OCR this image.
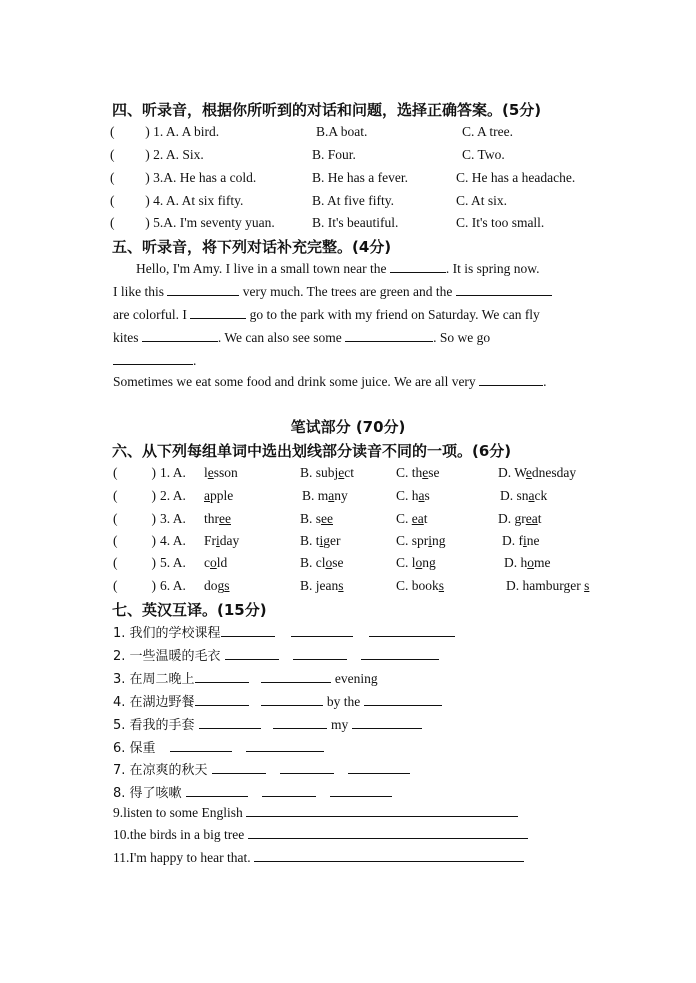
四、听录音，根据你所听到的对话和问题，选择正确答案。(5分)
( ) 1. A. A bird.	B.A boat.	C. A tree.
( ) 2. A. Six.	B. Four.	C. Two.
( ) 3.A. He has a cold.	B. He has a fever.	C. He has a headache.
( ) 4. A. At six fifty.	B. At five fifty.	C. At six.
( ) 5.A. I'm seventy yuan.	B. It's beautiful.	C. It's too small.
五、听录音，将下列对话补充完整。(4分)
Hello, I'm Amy. I live in a small town near the	. It is spring now.
I like this	very much. The trees are green and the
are colorful. I	go to the park with my friend on Saturday. We can fly
kites	. We can also see some	. So we go
.
Sometimes we eat some food and drink some juice. We are all very	.
笔试部分 (70分)
六、从下列每组单词中选出划线部分读音不同的一项。(6分)
(	) 1. A. lesson	B. subject	C. these	D. Wednesday
(	) 2. A. apple	B. many	C. has	D. snack
(	) 3. A. three	B. see	C. eat	D. great
(	) 4. A. Friday	B. tiger	C. spring	D. fine
(	) 5. A. cold	B. close	C. long	D. home
(	) 6. A. dogs	B. jeans	C. books	D. hamburger s
七、英汉互译。(15分)
1. 我们的学校课程
2. 一些温暖的毛衣
3. 在周二晚上	evening
4. 在湖边野餐	by the
5. 看我的手套	my
6. 保重
7. 在凉爽的秋天
8. 得了咳嗽
9.listen to some English
10.the birds in a big tree
11.I'm happy to hear that.
